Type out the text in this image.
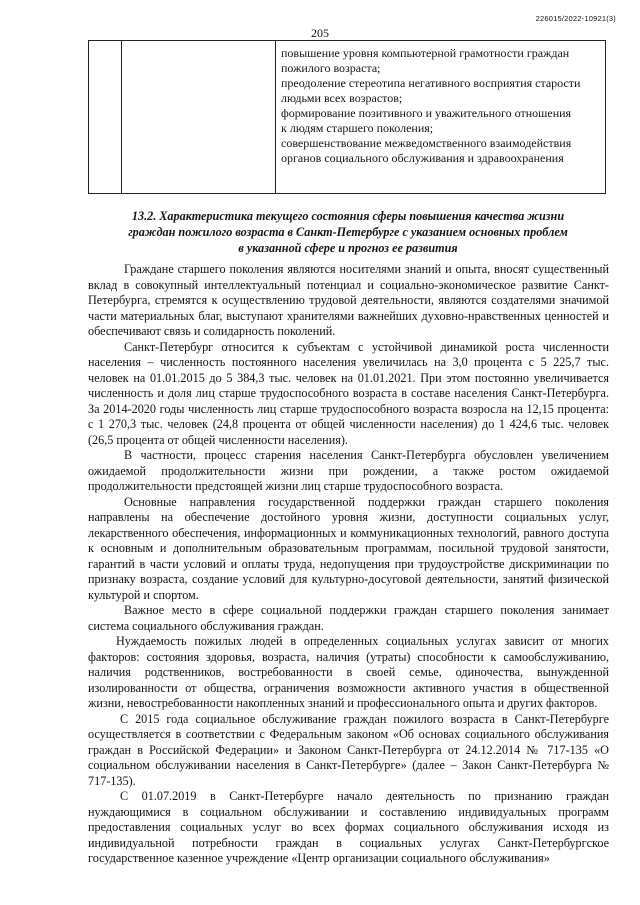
226015/2022-10921(3)
205
повышение уровня компьютерной грамотности граждан
пожилого возраста;
преодоление стереотипа негативного восприятия старости
людьми всех возрастов;
формирование позитивного и уважительного отношения
к людям старшего поколения;
совершенствование межведомственного взаимодействия
органов социального обслуживания и здравоохранения
13.2. Характеристика текущего состояния сферы повышения качества жизни
граждан пожилого возраста в Санкт-Петербурге с указанием основных проблем
в указанной сфере и прогноз ее развития

Граждане старшего поколения являются носителями знаний и опыта, вносят существенный вклад в совокупный интеллектуальный потенциал и социально-экономическое развитие Санкт-Петербурга, стремятся к осуществлению трудовой деятельности, являются создателями значимой части материальных благ, выступают хранителями важнейших духовно-нравственных ценностей и обеспечивают связь и солидарность поколений.

Санкт-Петербург относится к субъектам с устойчивой динамикой роста численности населения – численность постоянного населения увеличилась на 3,0 процента с 5 225,7 тыс. человек на 01.01.2015 до 5 384,3 тыс. человек на 01.01.2021. При этом постоянно увеличивается численность и доля лиц старше трудоспособного возраста в составе населения Санкт-Петербурга. За 2014-2020 годы численность лиц старше трудоспособного возраста возросла на 12,15 процента: с 1 270,3 тыс. человек (24,8 процента от общей численности населения) до 1 424,6 тыс. человек (26,5 процента от общей численности населения).

В частности, процесс старения населения Санкт-Петербурга обусловлен увеличением ожидаемой продолжительности жизни при рождении, а также ростом ожидаемой продолжительности предстоящей жизни лиц старше трудоспособного возраста.

Основные направления государственной поддержки граждан старшего поколения направлены на обеспечение достойного уровня жизни, доступности социальных услуг, лекарственного обеспечения, информационных и коммуникационных технологий, равного доступа к основным и дополнительным образовательным программам, посильной трудовой занятости, гарантий в части условий и оплаты труда, недопущения при трудоустройстве дискриминации по признаку возраста, создание условий для культурно-досуговой деятельности, занятий физической культурой и спортом.

Важное место в сфере социальной поддержки граждан старшего поколения занимает система социального обслуживания граждан.

Нуждаемость пожилых людей в определенных социальных услугах зависит от многих факторов: состояния здоровья, возраста, наличия (утраты) способности к самообслуживанию, наличия родственников, востребованности в своей семье, одиночества, вынужденной изолированности от общества, ограничения возможности активного участия в общественной жизни, невостребованности накопленных знаний и профессионального опыта и других факторов.

С 2015 года социальное обслуживание граждан пожилого возраста в Санкт-Петербурге осуществляется в соответствии с Федеральным законом «Об основах социального обслуживания граждан в Российской Федерации» и Законом Санкт-Петербурга от 24.12.2014 № 717-135 «О социальном обслуживании населения в Санкт-Петербурге» (далее – Закон Санкт-Петербурга № 717-135).

С 01.07.2019 в Санкт-Петербурге начало деятельность по признанию граждан нуждающимися в социальном обслуживании и составлению индивидуальных программ предоставления социальных услуг во всех формах социального обслуживания исходя из индивидуальной потребности граждан в социальных услугах Санкт-Петербургское государственное казенное учреждение «Центр организации социального обслуживания»
